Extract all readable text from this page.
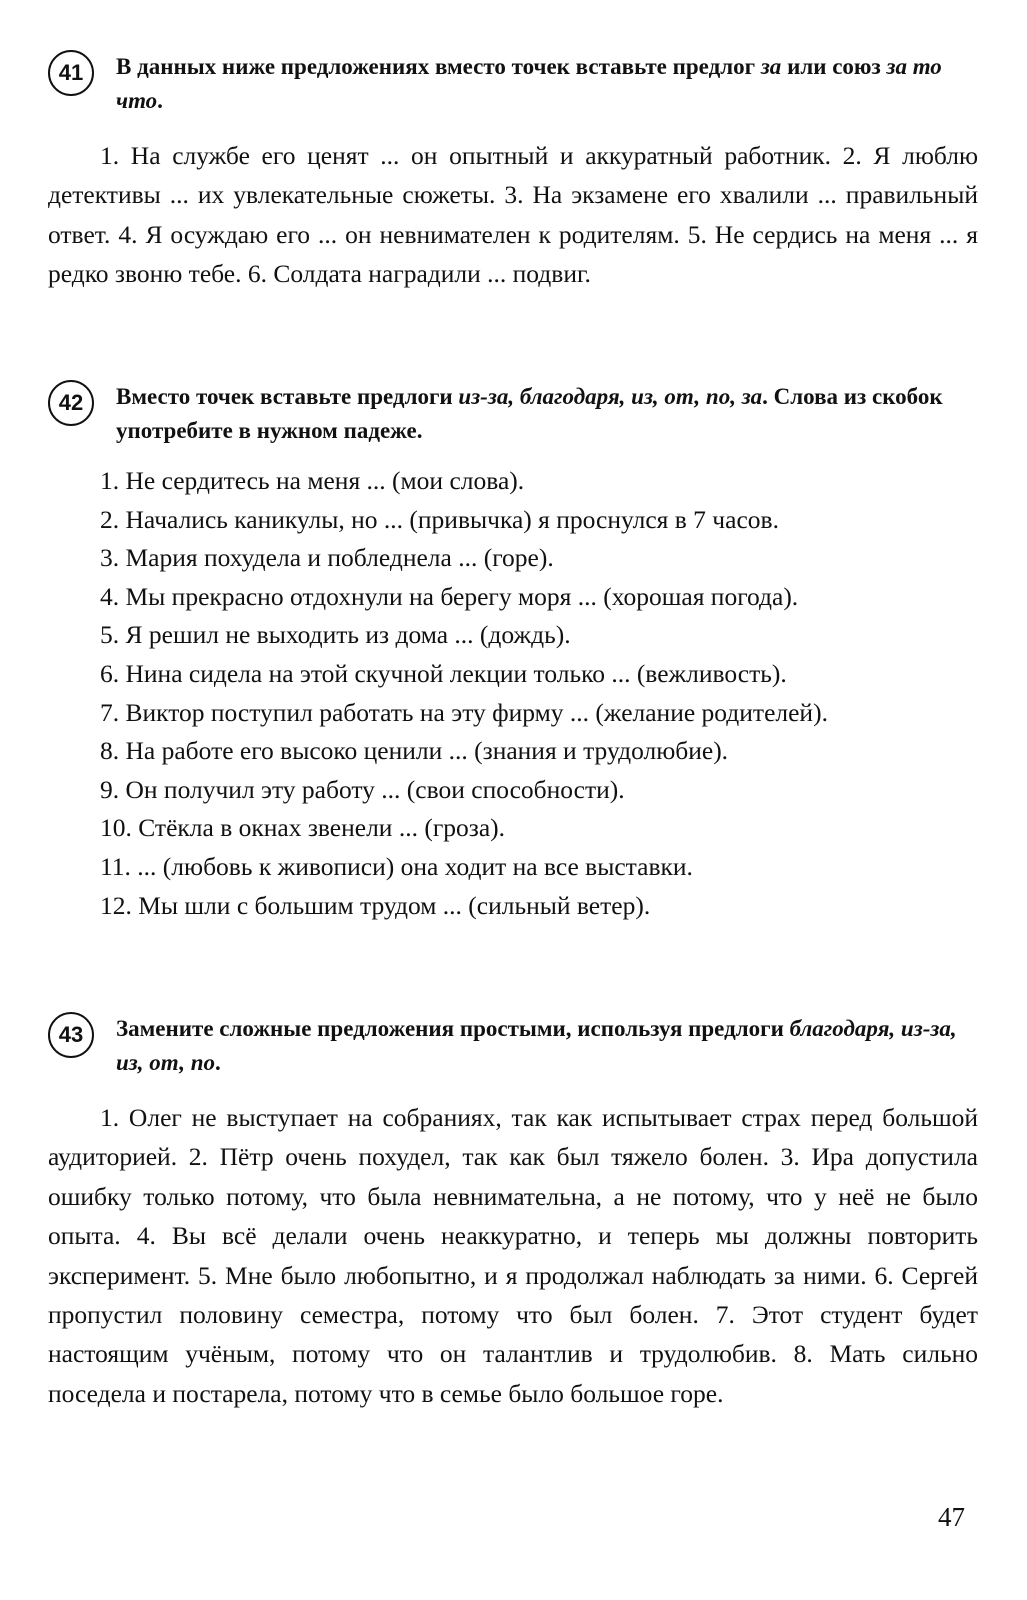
41	В данных ниже предложениях вместо точек вставьте предлог за или союз за то что.

1. На службе его ценят ... он опытный и аккуратный работник. 2. Я люблю детективы ... их увлекательные сюжеты. 3. На экзамене его хвалили ... правильный ответ. 4. Я осуждаю его ... он невнимателен к родителям. 5. Не сердись на меня ... я редко звоню тебе. 6. Солдата наградили ... подвиг.

42	Вместо точек вставьте предлоги из-за, благодаря, из, от, по, за. Слова из скобок употребите в нужном падеже.

1. Не сердитесь на меня ... (мои слова).
2. Начались каникулы, но ... (привычка) я проснулся в 7 часов.
3. Мария похудела и побледнела ... (горе).
4. Мы прекрасно отдохнули на берегу моря ... (хорошая погода).
5. Я решил не выходить из дома ... (дождь).
6. Нина сидела на этой скучной лекции только ... (вежливость).
7. Виктор поступил работать на эту фирму ... (желание родителей).
8. На работе его высоко ценили ... (знания и трудолюбие).
9. Он получил эту работу ... (свои способности).
10. Стёкла в окнах звенели ... (гроза).
11. ... (любовь к живописи) она ходит на все выставки.
12. Мы шли с большим трудом ... (сильный ветер).
43	Замените сложные предложения простыми, используя предлоги благодаря, из-за, из, от, по.

1. Олег не выступает на собраниях, так как испытывает страх перед большой аудиторией. 2. Пётр очень похудел, так как был тяжело болен. 3. Ира допустила ошибку только потому, что была невнимательна, а не потому, что у неё не было опыта. 4. Вы всё делали очень неаккуратно, и теперь мы должны повторить эксперимент. 5. Мне было любопытно, и я продолжал наблюдать за ними. 6. Сергей пропустил половину семестра, потому что был болен. 7. Этот студент будет настоящим учёным, потому что он талантлив и трудолюбив. 8. Мать сильно поседела и постарела, потому что в семье было большое горе.

47
